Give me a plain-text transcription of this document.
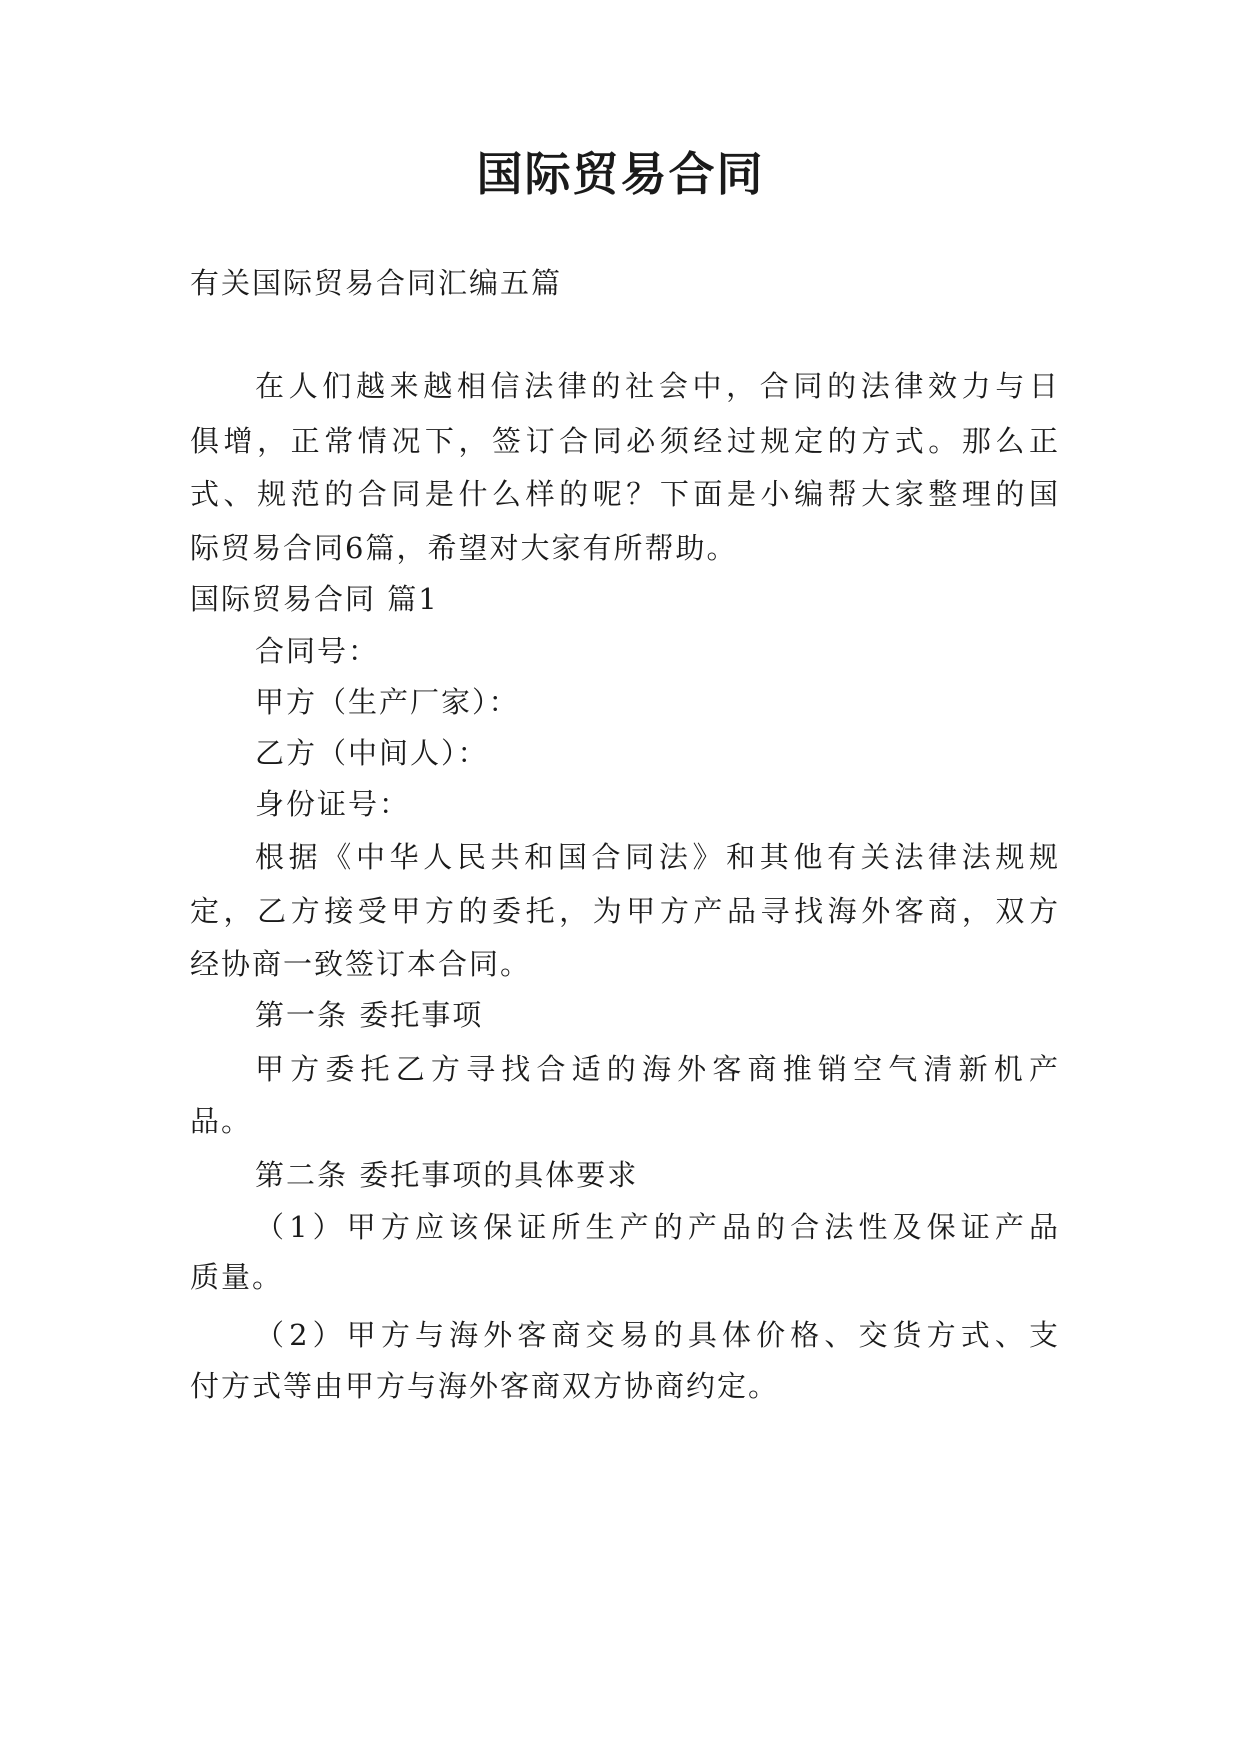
国际贸易合同
有关国际贸易合同汇编五篇
在人们越来越相信法律的社会中，合同的法律效力与日
俱增，正常情况下，签订合同必须经过规定的方式。那么正
式、规范的合同是什么样的呢？下面是小编帮大家整理的国
际贸易合同6篇，希望对大家有所帮助。
国际贸易合同 篇1
合同号：
甲方（生产厂家）：
乙方（中间人）：
身份证号：
根据《中华人民共和国合同法》和其他有关法律法规规
定，乙方接受甲方的委托，为甲方产品寻找海外客商，双方
经协商一致签订本合同。
第一条 委托事项
甲方委托乙方寻找合适的海外客商推销空气清新机产
品。
第二条 委托事项的具体要求
（1）甲方应该保证所生产的产品的合法性及保证产品
质量。
（2）甲方与海外客商交易的具体价格、交货方式、支
付方式等由甲方与海外客商双方协商约定。
